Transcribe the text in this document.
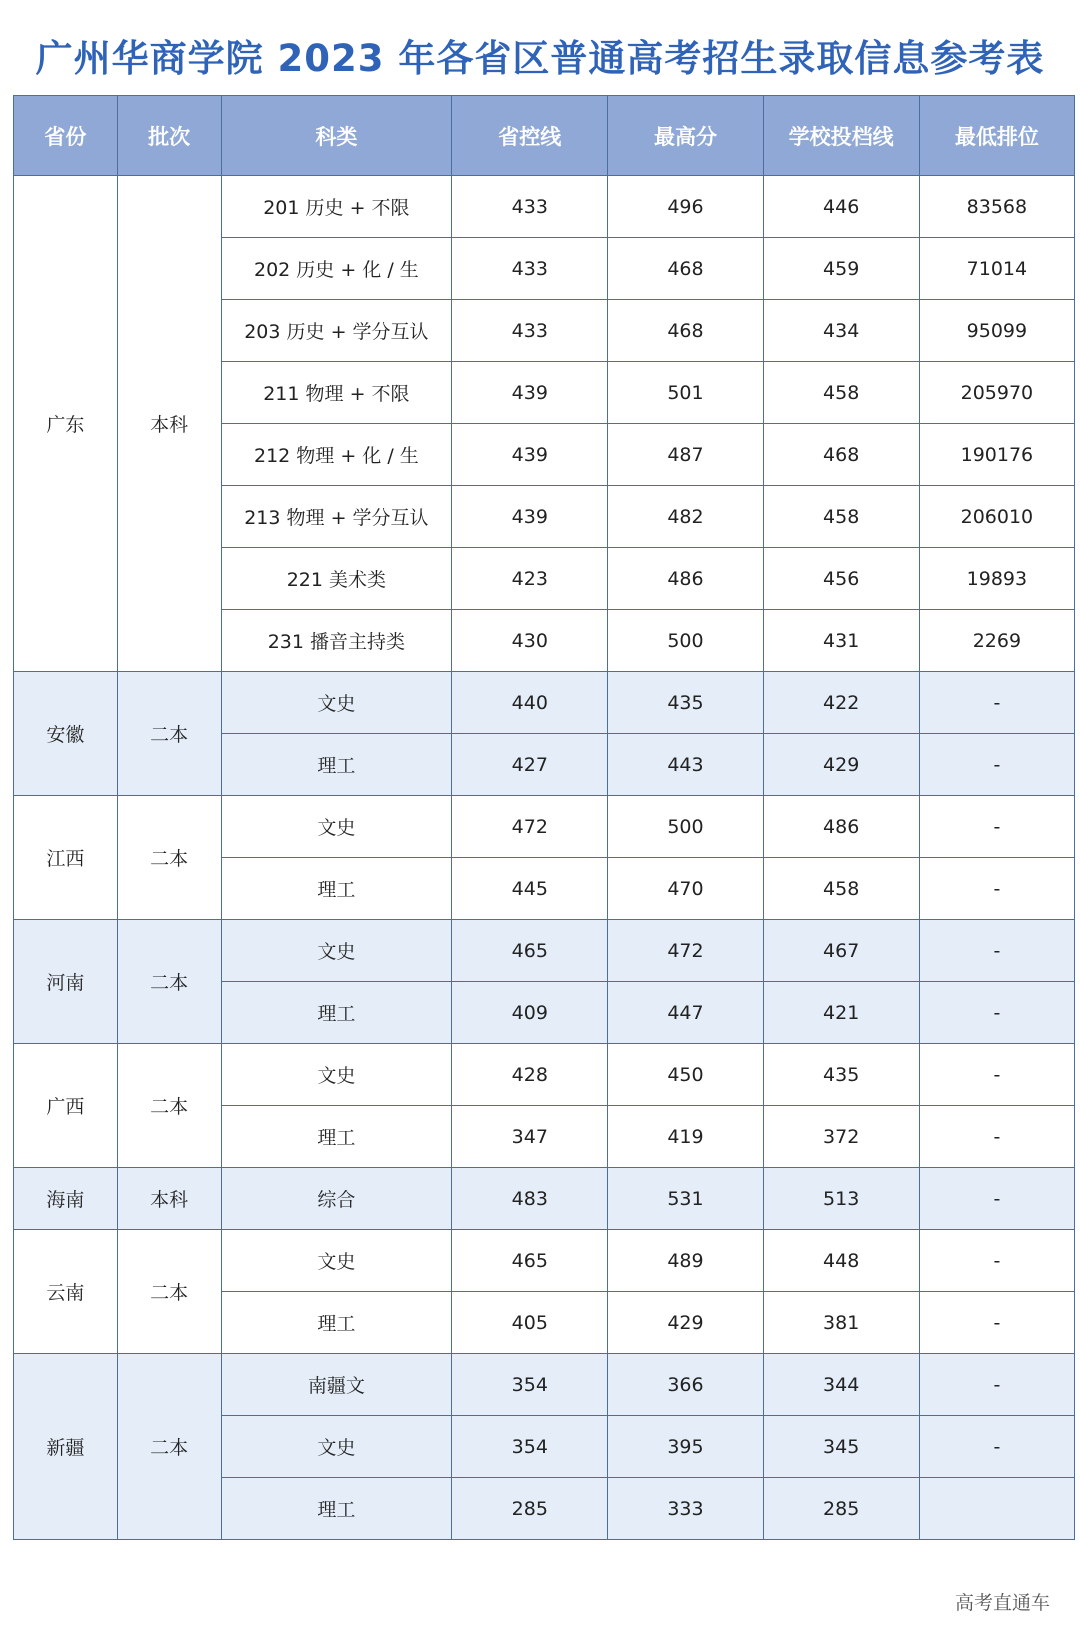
广州华商学院 2023 年各省区普通高考招生录取信息参考表
省份	批次	科类	省控线	最高分	学校投档线	最低排位
广东	本科	201 历史 + 不限	433	496	446	83568
		202 历史 + 化 / 生	433	468	459	71014
		203 历史 + 学分互认	433	468	434	95099
		211 物理 + 不限	439	501	458	205970
		212 物理 + 化 / 生	439	487	468	190176
		213 物理 + 学分互认	439	482	458	206010
		221 美术类	423	486	456	19893
		231 播音主持类	430	500	431	2269
安徽	二本	文史	440	435	422	-
		理工	427	443	429	-
江西	二本	文史	472	500	486	-
		理工	445	470	458	-
河南	二本	文史	465	472	467	-
		理工	409	447	421	-
广西	二本	文史	428	450	435	-
		理工	347	419	372	-
海南	本科	综合	483	531	513	-
云南	二本	文史	465	489	448	-
		理工	405	429	381	-
新疆	二本	南疆文	354	366	344	-
		文史	354	395	345	-
		理工	285	333	285	
高考直通车
